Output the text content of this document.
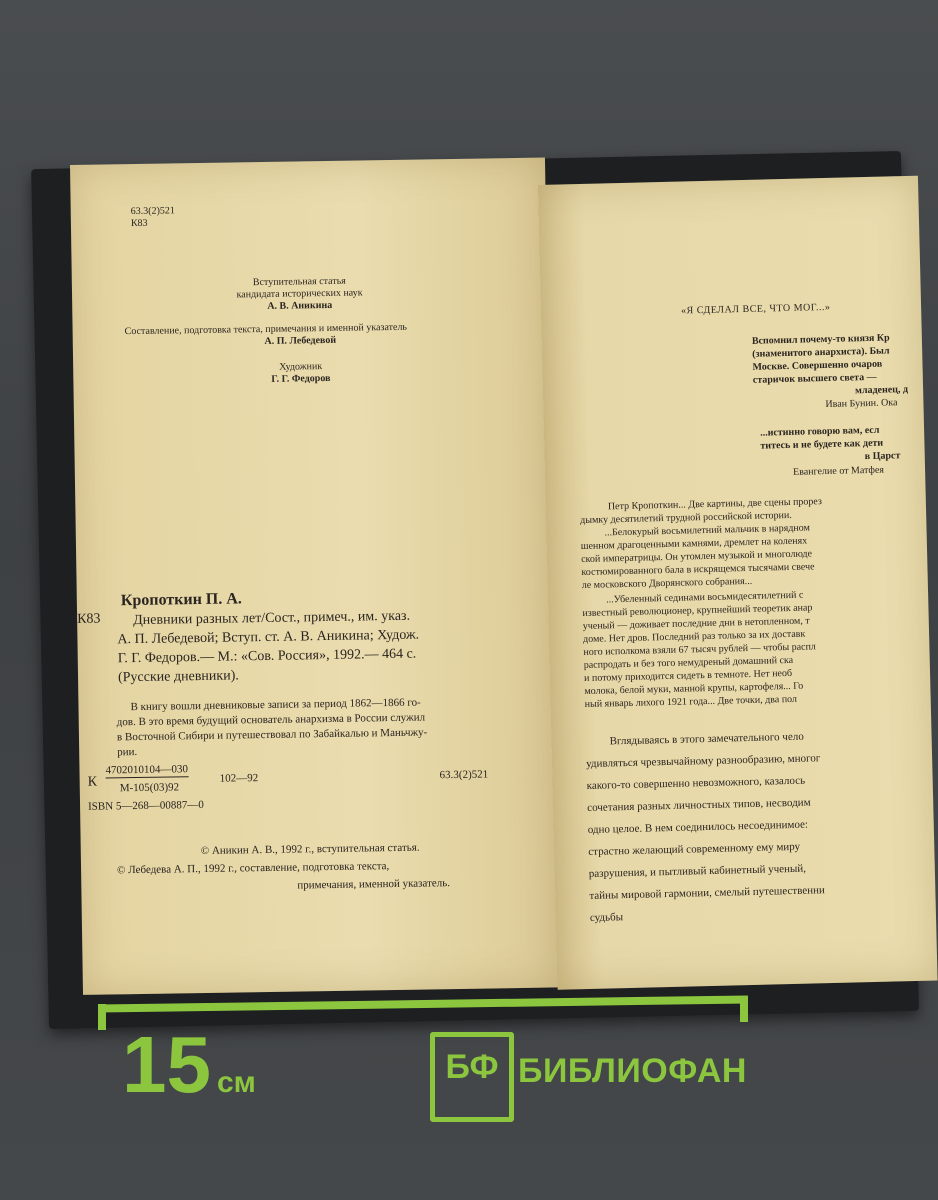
63.3(2)521
К83
Вступительная статья
кандидата исторических наук
А. В. Аникина
Составление, подготовка текста, примечания и именной указатель
А. П. Лебедевой
Художник
Г. Г. Федоров
К83
Кропоткин П. А.
Дневники разных лет/Сост., примеч., им. указ.
А. П. Лебедевой; Вступ. ст. А. В. Аникина; Худож.
Г. Г. Федоров.— М.: «Сов. Россия», 1992.— 464 с.
(Русские дневники).
В книгу вошли дневниковые записи за период 1862—1866 го-
дов. В это время будущий основатель анархизма в России служил
в Восточной Сибири и путешествовал по Забайкалью и Маньчжу-
рии.
К
4702010104—030
М-105(03)92
102—92	63.3(2)521
ISBN 5—268—00887—0
© Аникин А. В., 1992 г., вступительная статья.
© Лебедева А. П., 1992 г., составление, подготовка текста,
примечания, именной указатель.
«Я СДЕЛАЛ ВСЕ, ЧТО МОГ...»
Вспомнил почему-то князя Кр
(знаменитого анархиста). Был
Москве. Совершенно очаров
старичок высшего света —
младенец, д
Иван Бунин. Ока
...истинно говорю вам, есл
титесь и не будете как дети
в Царст
Евангелие от Матфея
Петр Кропоткин... Две картины, две сцены прорез
дымку десятилетий трудной российской истории.
...Белокурый восьмилетний мальчик в нарядном
шенном драгоценными камнями, дремлет на коленях
ской императрицы. Он утомлен музыкой и многолюде
костюмированного бала в искрящемся тысячами свече
ле московского Дворянского собрания...
...Убеленный сединами восьмидесятилетний с
известный революционер, крупнейший теоретик анар
ученый — доживает последние дни в нетопленном, т
доме. Нет дров. Последний раз только за их доставк
ного исполкома взяли 67 тысяч рублей — чтобы распл
распродать и без того немудреный домашний ска
и потому приходится сидеть в темноте. Нет необ
молока, белой муки, манной крупы, картофеля... Го
ный январь лихого 1921 года... Две точки, два пол
Вглядываясь в этого замечательного чело
удивляться чрезвычайному разнообразию, многог
какого-то совершенно невозможного, казалось
сочетания разных личностных типов, несводим
одно целое. В нем соединилось несоединимое:
страстно желающий современному ему миру
разрушения, и пытливый кабинетный ученый,
тайны мировой гармонии, смелый путешественни
судьбы
15 см	БФ БИБЛИОФАН
